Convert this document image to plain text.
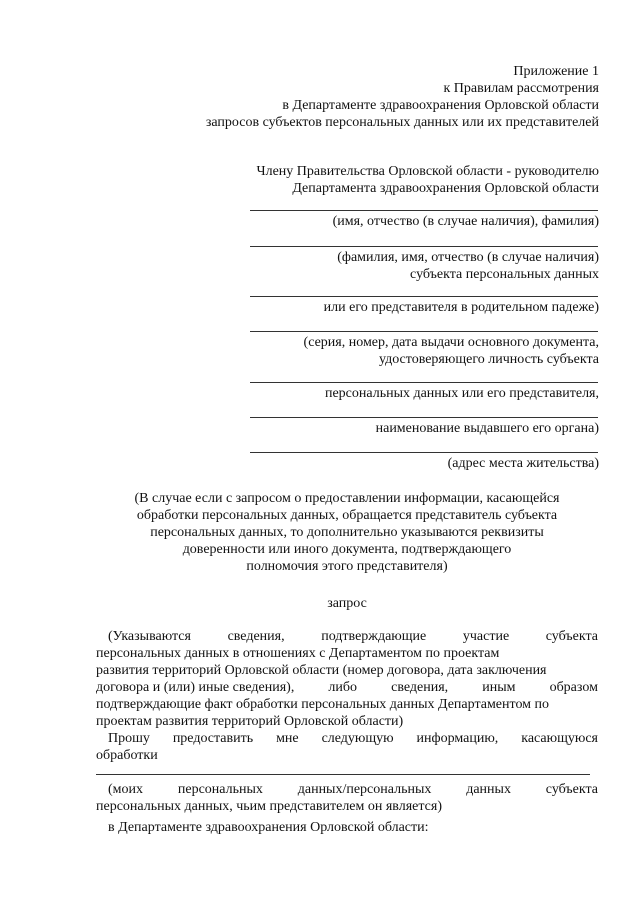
Приложение 1
к Правилам рассмотрения
в Департаменте здравоохранения Орловской области
запросов субъектов персональных данных или их представителей
Члену Правительства Орловской области - руководителю
Департамента здравоохранения Орловской области
(имя, отчество (в случае наличия), фамилия)
(фамилия, имя, отчество (в случае наличия)
субъекта персональных данных
или его представителя в родительном падеже)
(серия, номер, дата выдачи основного документа,
удостоверяющего личность субъекта
персональных данных или его представителя,
наименование выдавшего его органа)
(адрес места жительства)
(В случае если с запросом о предоставлении информации, касающейся
обработки персональных данных, обращается представитель субъекта
персональных данных, то дополнительно указываются реквизиты
доверенности или иного документа, подтверждающего
полномочия этого представителя)
запрос
(Указываются	сведения,	подтверждающие	участие	субъекта
персональных данных в отношениях с Департаментом по проектам
развития территорий Орловской области (номер договора, дата заключения
договора и (или) иные сведения), либо сведения, иным образом
подтверждающие факт обработки персональных данных Департаментом по
проектам развития территорий Орловской области)
Прошу предоставить мне следующую информацию, касающуюся
обработки
(моих персональных данных/персональных данных субъекта
персональных данных, чьим представителем он является)
в Департаменте здравоохранения Орловской области:
